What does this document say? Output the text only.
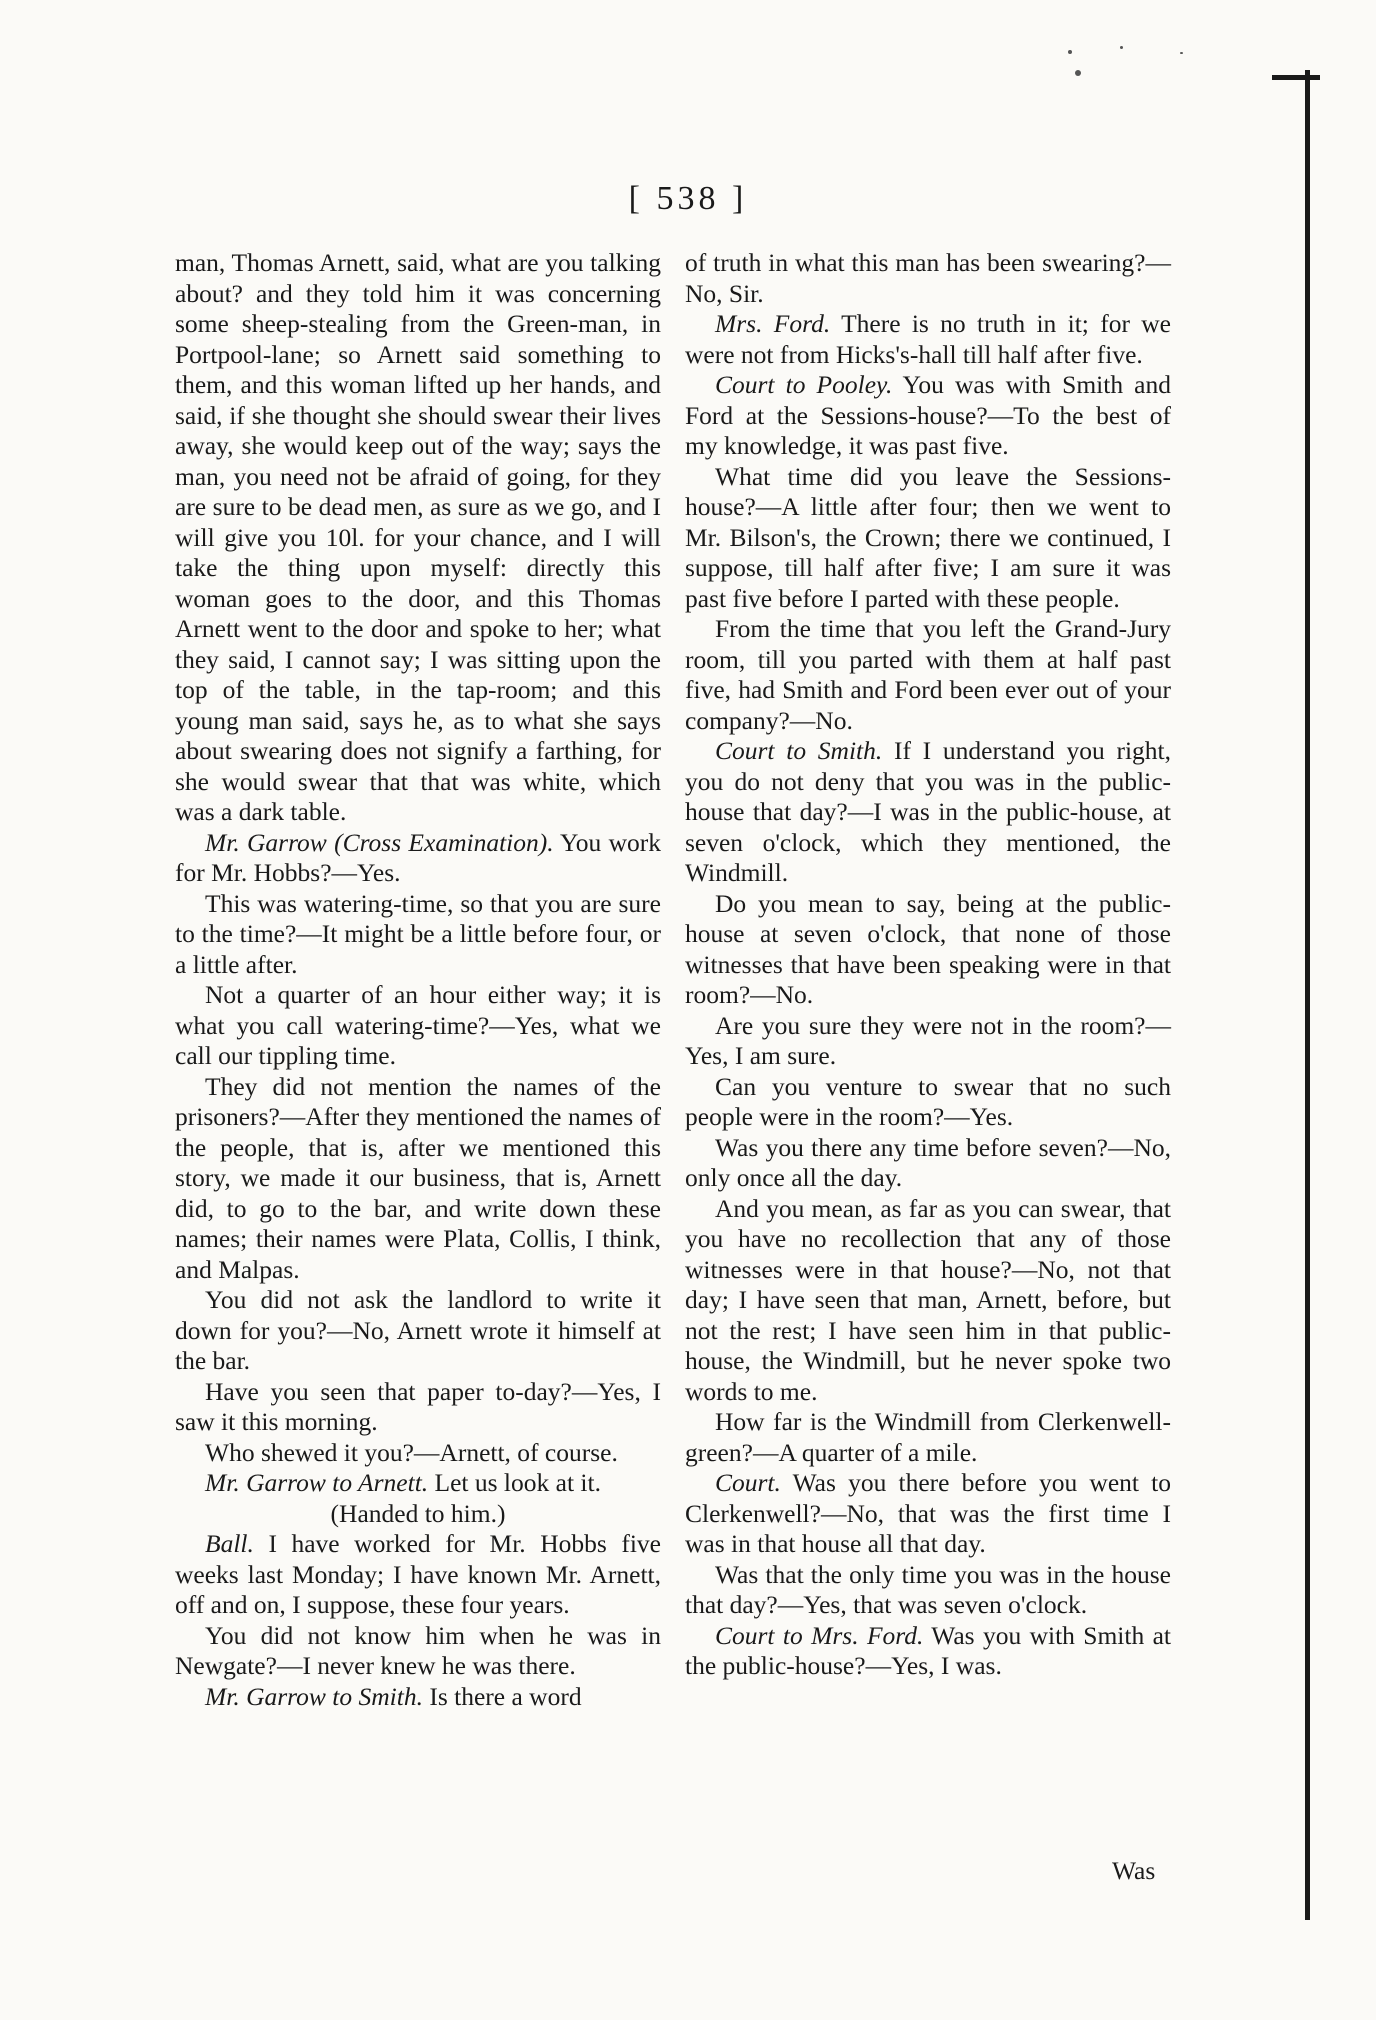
[ 538 ]

man, Thomas Arnett, said, what are you talking about? and they told him it was concerning some sheep-stealing from the Green-man, in Portpool-lane; so Arnett said something to them, and this woman lifted up her hands, and said, if she thought she should swear their lives away, she would keep out of the way; says the man, you need not be afraid of going, for they are sure to be dead men, as sure as we go, and I will give you 10l. for your chance, and I will take the thing upon myself: directly this woman goes to the door, and this Thomas Arnett went to the door and spoke to her; what they said, I cannot say; I was sitting upon the top of the table, in the tap-room; and this young man said, says he, as to what she says about swearing does not signify a farthing, for she would swear that that was white, which was a dark table.

Mr. Garrow (Cross Examination). You work for Mr. Hobbs?—Yes.

This was watering-time, so that you are sure to the time?—It might be a little before four, or a little after.

Not a quarter of an hour either way; it is what you call watering-time?—Yes, what we call our tippling time.

They did not mention the names of the prisoners?—After they mentioned the names of the people, that is, after we mentioned this story, we made it our business, that is, Arnett did, to go to the bar, and write down these names; their names were Plata, Collis, I think, and Malpas.

You did not ask the landlord to write it down for you?—No, Arnett wrote it himself at the bar.

Have you seen that paper to-day?—Yes, I saw it this morning.

Who shewed it you?—Arnett, of course.

Mr. Garrow to Arnett. Let us look at it.

(Handed to him.)

Ball. I have worked for Mr. Hobbs five weeks last Monday; I have known Mr. Arnett, off and on, I suppose, these four years.

You did not know him when he was in Newgate?—I never knew he was there.

Mr. Garrow to Smith. Is there a word

of truth in what this man has been swearing?—No, Sir.

Mrs. Ford. There is no truth in it; for we were not from Hicks's-hall till half after five.

Court to Pooley. You was with Smith and Ford at the Sessions-house?—To the best of my knowledge, it was past five.

What time did you leave the Sessions-house?—A little after four; then we went to Mr. Bilson's, the Crown; there we continued, I suppose, till half after five; I am sure it was past five before I parted with these people.

From the time that you left the Grand-Jury room, till you parted with them at half past five, had Smith and Ford been ever out of your company?—No.

Court to Smith. If I understand you right, you do not deny that you was in the public-house that day?—I was in the public-house, at seven o'clock, which they mentioned, the Windmill.

Do you mean to say, being at the public-house at seven o'clock, that none of those witnesses that have been speaking were in that room?—No.

Are you sure they were not in the room?—Yes, I am sure.

Can you venture to swear that no such people were in the room?—Yes.

Was you there any time before seven?—No, only once all the day.

And you mean, as far as you can swear, that you have no recollection that any of those witnesses were in that house?—No, not that day; I have seen that man, Arnett, before, but not the rest; I have seen him in that public-house, the Windmill, but he never spoke two words to me.

How far is the Windmill from Clerkenwell-green?—A quarter of a mile.

Court. Was you there before you went to Clerkenwell?—No, that was the first time I was in that house all that day.

Was that the only time you was in the house that day?—Yes, that was seven o'clock.

Court to Mrs. Ford. Was you with Smith at the public-house?—Yes, I was.

Was
